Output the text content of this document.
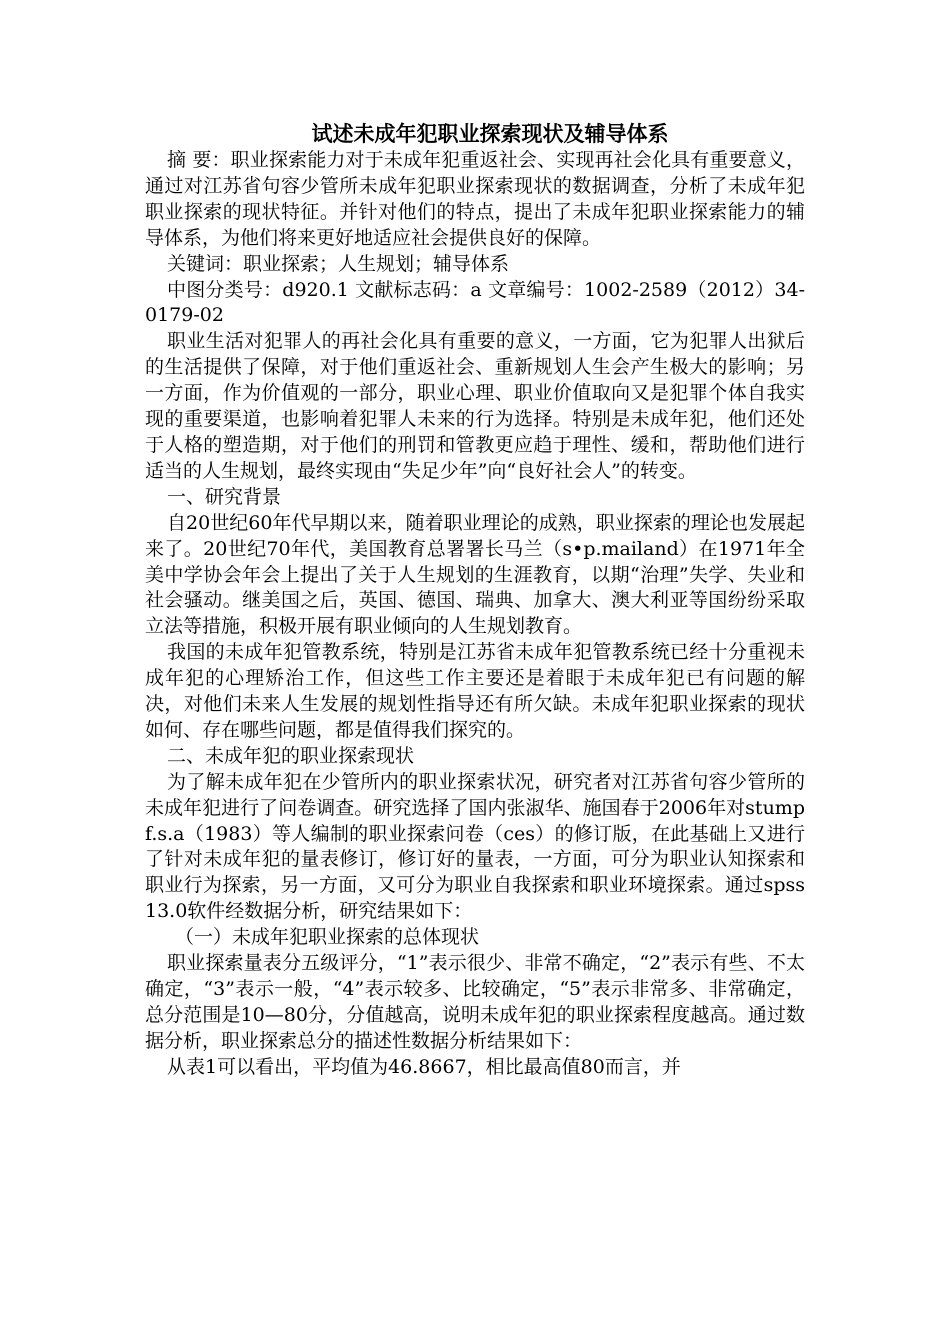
试述未成年犯职业探索现状及辅导体系

摘 要：职业探索能力对于未成年犯重返社会、实现再社会化具有重要意义，通过对江苏省句容少管所未成年犯职业探索现状的数据调查，分析了未成年犯职业探索的现状特征。并针对他们的特点，提出了未成年犯职业探索能力的辅导体系，为他们将来更好地适应社会提供良好的保障。

关键词：职业探索；人生规划；辅导体系

中图分类号：d920.1 文献标志码：a 文章编号：1002-2589（2012）34-0179-02

职业生活对犯罪人的再社会化具有重要的意义，一方面，它为犯罪人出狱后的生活提供了保障，对于他们重返社会、重新规划人生会产生极大的影响；另一方面，作为价值观的一部分，职业心理、职业价值取向又是犯罪个体自我实现的重要渠道，也影响着犯罪人未来的行为选择。特别是未成年犯，他们还处于人格的塑造期，对于他们的刑罚和管教更应趋于理性、缓和，帮助他们进行适当的人生规划，最终实现由“失足少年”向“良好社会人”的转变。

一、研究背景

自20世纪60年代早期以来，随着职业理论的成熟，职业探索的理论也发展起来了。20世纪70年代，美国教育总署署长马兰（s•p.mailand）在1971年全美中学协会年会上提出了关于人生规划的生涯教育，以期“治理”失学、失业和社会骚动。继美国之后，英国、德国、瑞典、加拿大、澳大利亚等国纷纷采取立法等措施，积极开展有职业倾向的人生规划教育。

我国的未成年犯管教系统，特别是江苏省未成年犯管教系统已经十分重视未成年犯的心理矫治工作，但这些工作主要还是着眼于未成年犯已有问题的解决，对他们未来人生发展的规划性指导还有所欠缺。未成年犯职业探索的现状如何、存在哪些问题，都是值得我们探究的。

二、未成年犯的职业探索现状

为了解未成年犯在少管所内的职业探索状况，研究者对江苏省句容少管所的未成年犯进行了问卷调查。研究选择了国内张淑华、施国春于2006年对stumpf.s.a（1983）等人编制的职业探索问卷（ces）的修订版，在此基础上又进行了针对未成年犯的量表修订，修订好的量表，一方面，可分为职业认知探索和职业行为探索，另一方面，又可分为职业自我探索和职业环境探索。通过spss13.0软件经数据分析，研究结果如下：

（一）未成年犯职业探索的总体现状

职业探索量表分五级评分，“1”表示很少、非常不确定，“2”表示有些、不太确定，“3”表示一般，“4”表示较多、比较确定，“5”表示非常多、非常确定，总分范围是10—80分，分值越高，说明未成年犯的职业探索程度越高。通过数据分析，职业探索总分的描述性数据分析结果如下：

从表1可以看出，平均值为46.8667，相比最高值80而言，并
